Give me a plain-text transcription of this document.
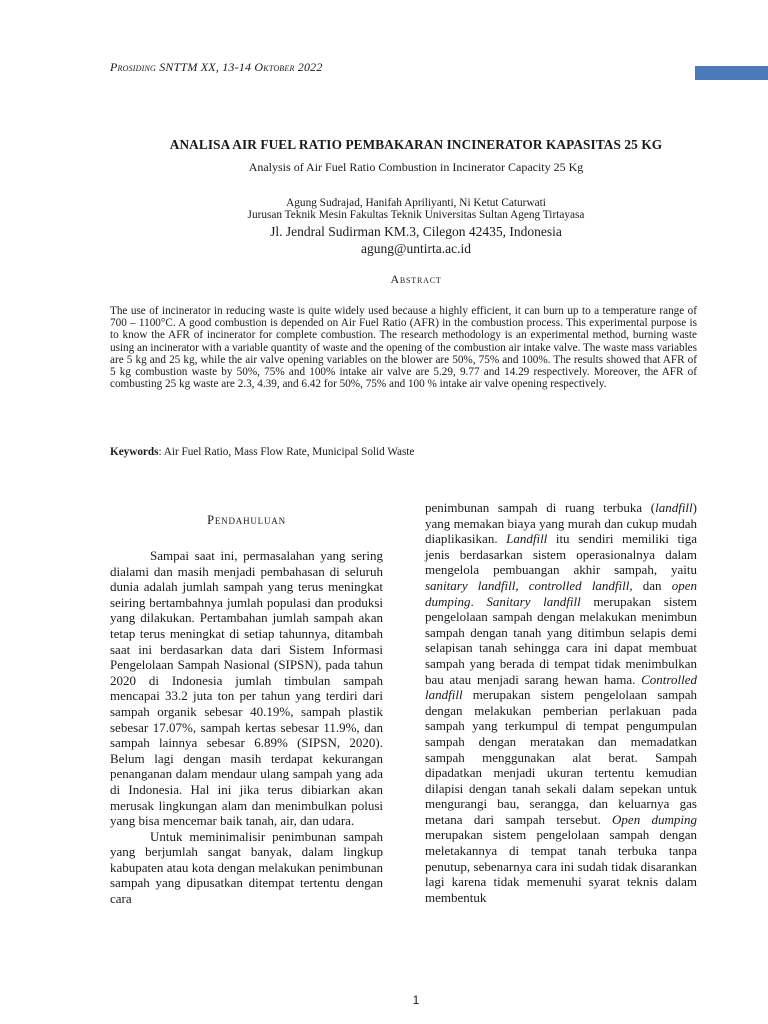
Prosiding SNTTM XX, 13-14 Oktober 2022
ANALISA AIR FUEL RATIO PEMBAKARAN INCINERATOR KAPASITAS 25 KG
Analysis of Air Fuel Ratio Combustion in Incinerator Capacity 25 Kg
Agung Sudrajad, Hanifah Apriliyanti, Ni Ketut Caturwati
Jurusan Teknik Mesin Fakultas Teknik Universitas Sultan Ageng Tirtayasa
Jl. Jendral Sudirman KM.3, Cilegon 42435, Indonesia
agung@untirta.ac.id
Abstract
The use of incinerator in reducing waste is quite widely used because a highly efficient, it can burn up to a temperature range of 700 – 1100°C. A good combustion is depended on Air Fuel Ratio (AFR) in the combustion process. This experimental purpose is to know the AFR of incinerator for complete combustion. The research methodology is an experimental method, burning waste using an incinerator with a variable quantity of waste and the opening of the combustion air intake valve. The waste mass variables are 5 kg and 25 kg, while the air valve opening variables on the blower are 50%, 75% and 100%. The results showed that AFR of 5 kg combustion waste by 50%, 75% and 100% intake air valve are 5.29, 9.77 and 14.29 respectively. Moreover, the AFR of combusting 25 kg waste are 2.3, 4.39, and 6.42 for 50%, 75% and 100 % intake air valve opening respectively.
Keywords: Air Fuel Ratio, Mass Flow Rate, Municipal Solid Waste
Pendahuluan

Sampai saat ini, permasalahan yang sering dialami dan masih menjadi pembahasan di seluruh dunia adalah jumlah sampah yang terus meningkat seiring bertambahnya jumlah populasi dan produksi yang dilakukan. Pertambahan jumlah sampah akan tetap terus meningkat di setiap tahunnya, ditambah saat ini berdasarkan data dari Sistem Informasi Pengelolaan Sampah Nasional (SIPSN), pada tahun 2020 di Indonesia jumlah timbulan sampah mencapai 33.2 juta ton per tahun yang terdiri dari sampah organik sebesar 40.19%, sampah plastik sebesar 17.07%, sampah kertas sebesar 11.9%, dan sampah lainnya sebesar 6.89% (SIPSN, 2020). Belum lagi dengan masih terdapat kekurangan penanganan dalam mendaur ulang sampah yang ada di Indonesia. Hal ini jika terus dibiarkan akan merusak lingkungan alam dan menimbulkan polusi yang bisa mencemar baik tanah, air, dan udara.

Untuk meminimalisir penimbunan sampah yang berjumlah sangat banyak, dalam lingkup kabupaten atau kota dengan melakukan penimbunan sampah yang dipusatkan ditempat tertentu dengan cara

penimbunan sampah di ruang terbuka (landfill) yang memakan biaya yang murah dan cukup mudah diaplikasikan. Landfill itu sendiri memiliki tiga jenis berdasarkan sistem operasionalnya dalam mengelola pembuangan akhir sampah, yaitu sanitary landfill, controlled landfill, dan open dumping. Sanitary landfill merupakan sistem pengelolaan sampah dengan melakukan menimbun sampah dengan tanah yang ditimbun selapis demi selapisan tanah sehingga cara ini dapat membuat sampah yang berada di tempat tidak menimbulkan bau atau menjadi sarang hewan hama. Controlled landfill merupakan sistem pengelolaan sampah dengan melakukan pemberian perlakuan pada sampah yang terkumpul di tempat pengumpulan sampah dengan meratakan dan memadatkan sampah menggunakan alat berat. Sampah dipadatkan menjadi ukuran tertentu kemudian dilapisi dengan tanah sekali dalam sepekan untuk mengurangi bau, serangga, dan keluarnya gas metana dari sampah tersebut. Open dumping merupakan sistem pengelolaan sampah dengan meletakannya di tempat tanah terbuka tanpa penutup, sebenarnya cara ini sudah tidak disarankan lagi karena tidak memenuhi syarat teknis dalam membentuk

1
